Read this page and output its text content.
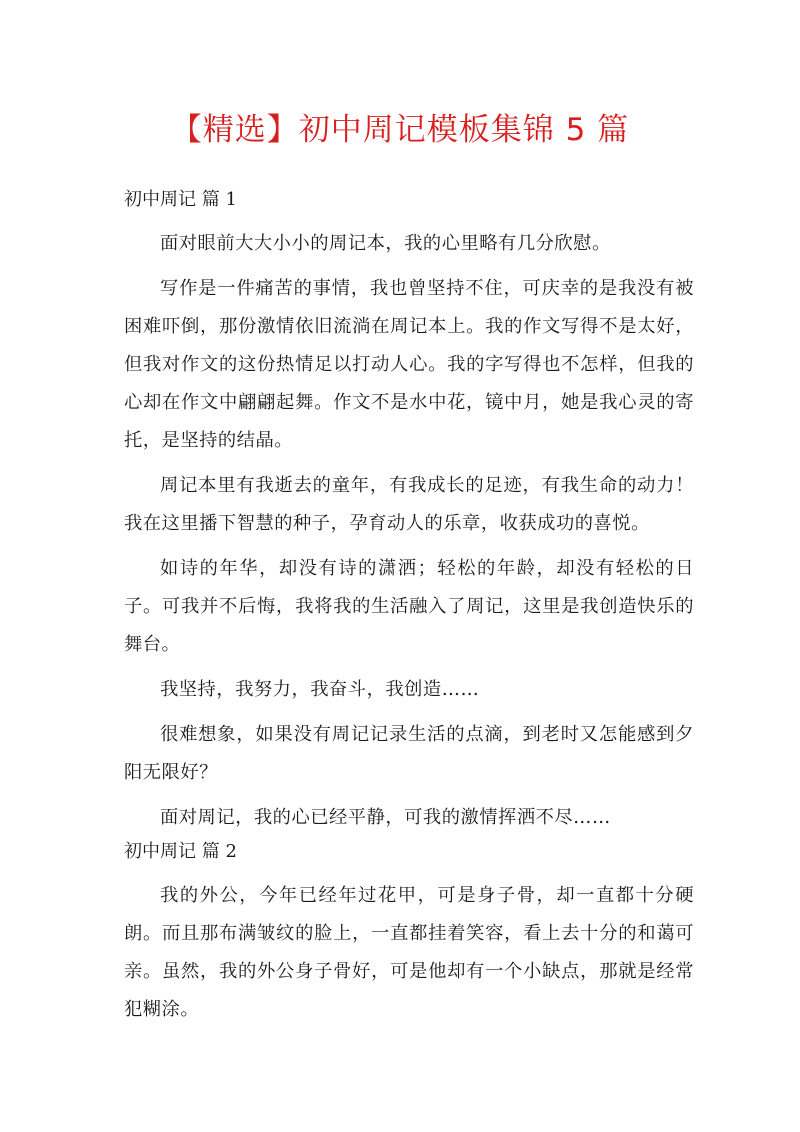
【精选】初中周记模板集锦 5 篇
初中周记 篇 1

面对眼前大大小小的周记本，我的心里略有几分欣慰。

写作是一件痛苦的事情，我也曾坚持不住，可庆幸的是我没有被困难吓倒，那份激情依旧流淌在周记本上。我的作文写得不是太好，但我对作文的这份热情足以打动人心。我的字写得也不怎样，但我的心却在作文中翩翩起舞。作文不是水中花，镜中月，她是我心灵的寄托，是坚持的结晶。

周记本里有我逝去的童年，有我成长的足迹，有我生命的动力！我在这里播下智慧的种子，孕育动人的乐章，收获成功的喜悦。

如诗的年华，却没有诗的潇洒；轻松的年龄，却没有轻松的日子。可我并不后悔，我将我的生活融入了周记，这里是我创造快乐的舞台。

我坚持，我努力，我奋斗，我创造……

很难想象，如果没有周记记录生活的点滴，到老时又怎能感到夕阳无限好？

面对周记，我的心已经平静，可我的激情挥洒不尽……

初中周记 篇 2

我的外公，今年已经年过花甲，可是身子骨，却一直都十分硬朗。而且那布满皱纹的脸上，一直都挂着笑容，看上去十分的和蔼可亲。虽然，我的外公身子骨好，可是他却有一个小缺点，那就是经常犯糊涂。
